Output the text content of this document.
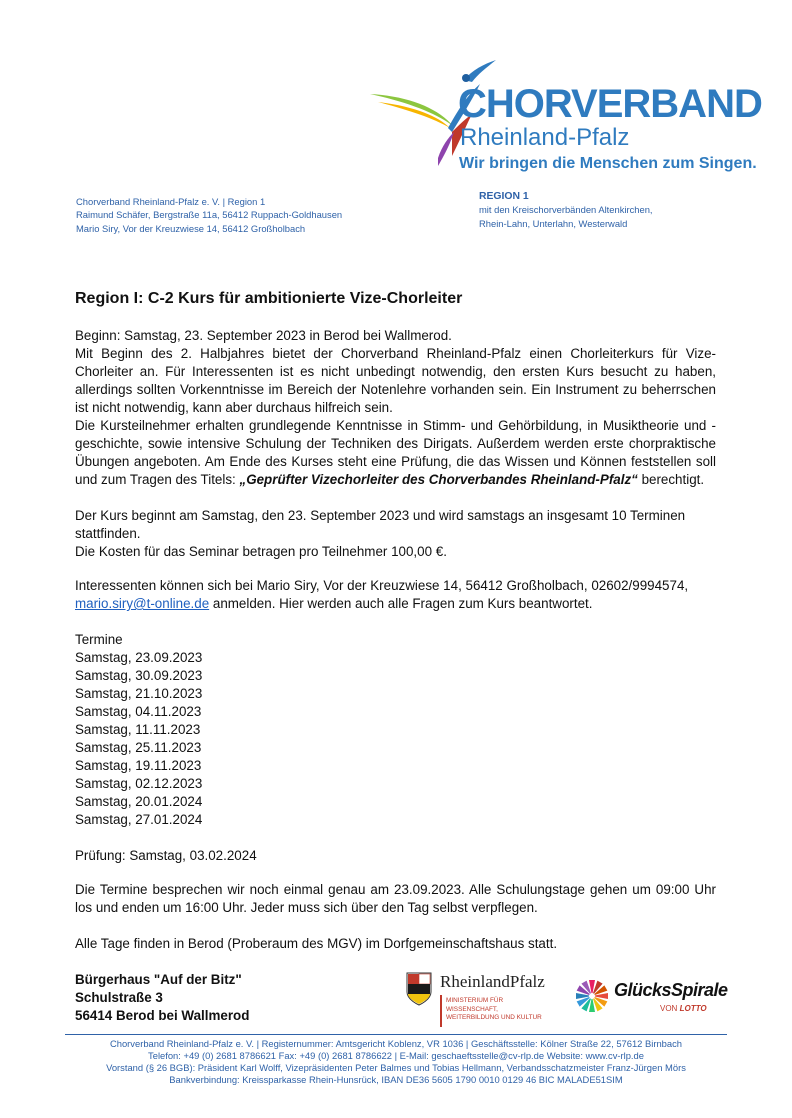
CHORVERBAND
Rheinland-Pfalz
Wir bringen die Menschen zum Singen.
Chorverband Rheinland-Pfalz e. V. | Region 1
Raimund Schäfer, Bergstraße 11a, 56412 Ruppach-Goldhausen
Mario Siry, Vor der Kreuzwiese 14, 56412 Großholbach
REGION 1
mit den Kreischorverbänden Altenkirchen,
Rhein-Lahn, Unterlahn, Westerwald
Region I: C-2 Kurs für ambitionierte Vize-Chorleiter

Beginn: Samstag, 23. September 2023 in Berod bei Wallmerod.

Mit Beginn des 2. Halbjahres bietet der Chorverband Rheinland-Pfalz einen Chorleiterkurs für Vize-Chorleiter an. Für Interessenten ist es nicht unbedingt notwendig, den ersten Kurs besucht zu haben, allerdings sollten Vorkenntnisse im Bereich der Notenlehre vorhanden sein. Ein Instrument zu beherrschen ist nicht notwendig, kann aber durchaus hilfreich sein.

Die Kursteilnehmer erhalten grundlegende Kenntnisse in Stimm- und Gehörbildung, in Musiktheorie und -geschichte, sowie intensive Schulung der Techniken des Dirigats. Außerdem werden erste chorpraktische Übungen angeboten. Am Ende des Kurses steht eine Prüfung, die das Wissen und Können feststellen soll und zum Tragen des Titels: „Geprüfter Vizechorleiter des Chorverbandes Rheinland-Pfalz“ berechtigt.

Der Kurs beginnt am Samstag, den 23. September 2023 und wird samstags an insgesamt 10 Terminen stattfinden.

Die Kosten für das Seminar betragen pro Teilnehmer 100,00 €.

Interessenten können sich bei Mario Siry, Vor der Kreuzwiese 14, 56412 Großholbach, 02602/9994574,
mario.siry@t-online.de anmelden. Hier werden auch alle Fragen zum Kurs beantwortet.
Termine
Samstag, 23.09.2023
Samstag, 30.09.2023
Samstag, 21.10.2023
Samstag, 04.11.2023
Samstag, 11.11.2023
Samstag, 25.11.2023
Samstag, 19.11.2023
Samstag, 02.12.2023
Samstag, 20.01.2024
Samstag, 27.01.2024
Prüfung: Samstag, 03.02.2024
Die Termine besprechen wir noch einmal genau am 23.09.2023. Alle Schulungstage gehen um 09:00 Uhr los und enden um 16:00 Uhr. Jeder muss sich über den Tag selbst verpflegen.
Alle Tage finden in Berod (Proberaum des MGV) im Dorfgemeinschaftshaus statt.
Bürgerhaus "Auf der Bitz"
Schulstraße 3
56414 Berod bei Wallmerod
RheinlandPfalz
MINISTERIUM FÜR
WISSENSCHAFT,
WEITERBILDUNG UND KULTUR
GlücksSpirale
VON LOTTO
Chorverband Rheinland-Pfalz e. V. | Registernummer: Amtsgericht Koblenz, VR 1036 | Geschäftsstelle: Kölner Straße 22, 57612 Birnbach
Telefon: +49 (0) 2681 8786621 Fax: +49 (0) 2681 8786622 | E-Mail: geschaeftsstelle@cv-rlp.de Website: www.cv-rlp.de
Vorstand (§ 26 BGB): Präsident Karl Wolff, Vizepräsidenten Peter Balmes und Tobias Hellmann, Verbandsschatzmeister Franz-Jürgen Mörs
Bankverbindung: Kreissparkasse Rhein-Hunsrück, IBAN DE36 5605 1790 0010 0129 46 BIC MALADE51SIM
